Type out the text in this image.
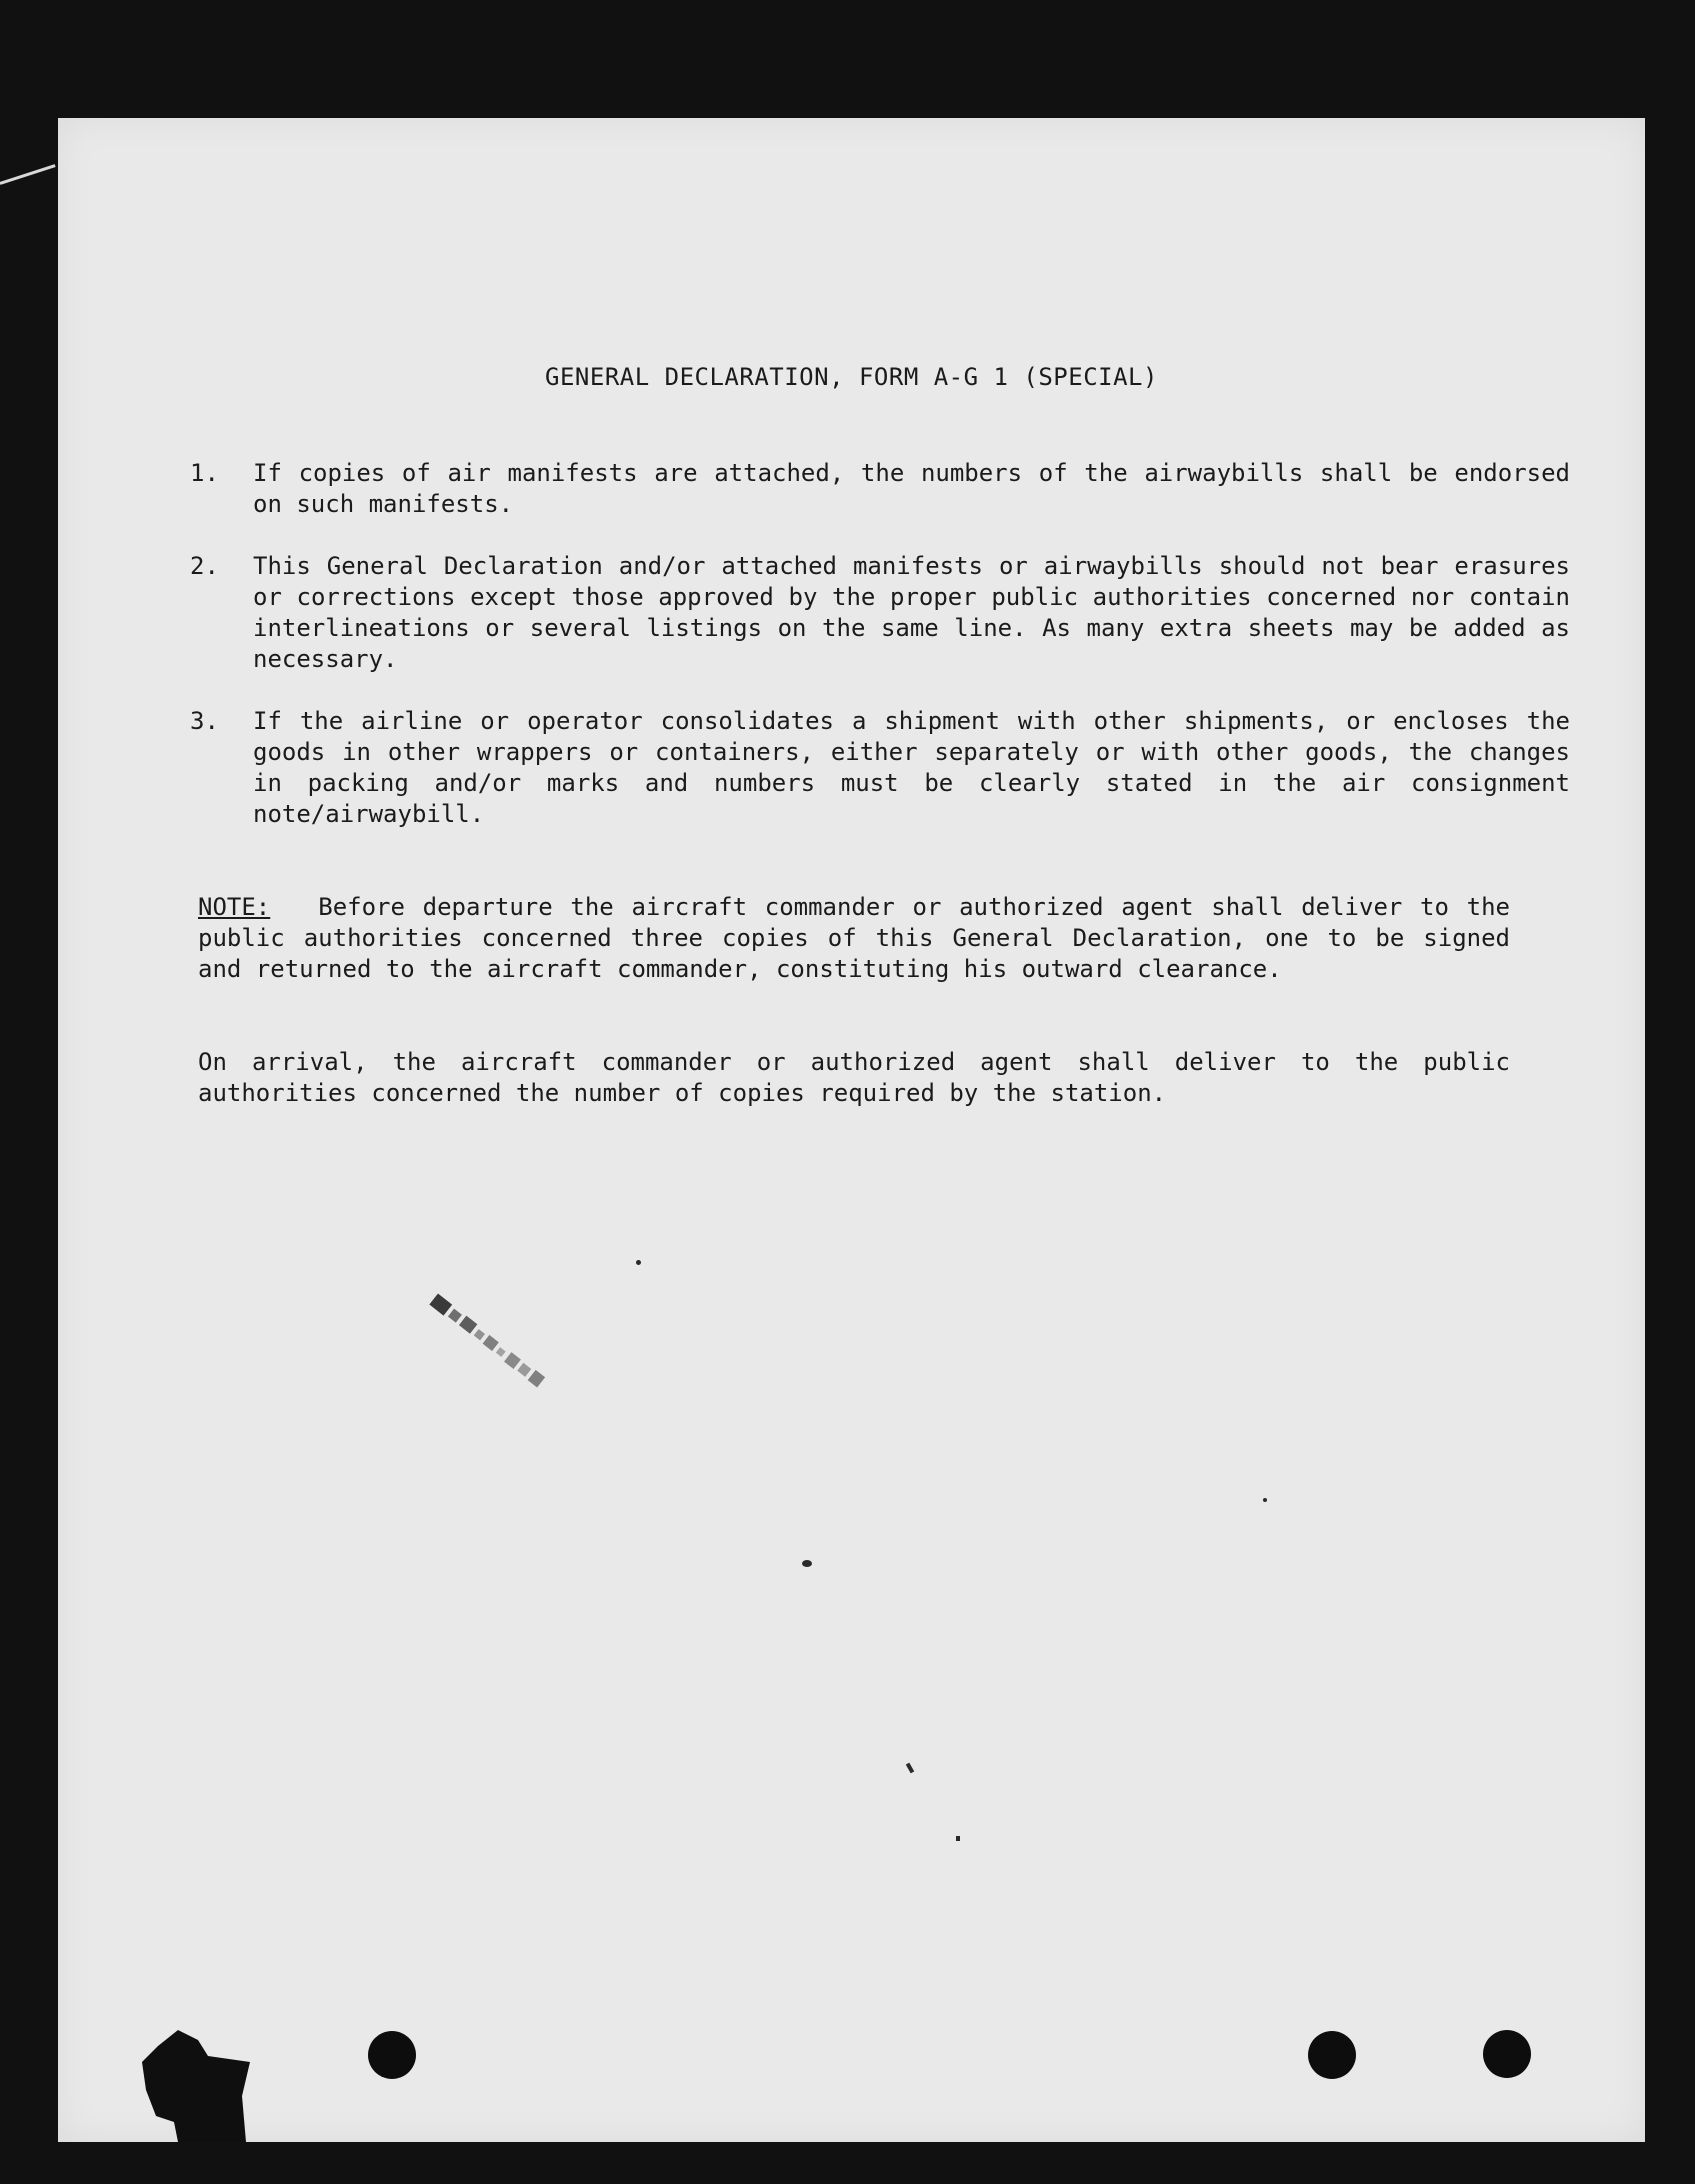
GENERAL DECLARATION, FORM A-G 1 (SPECIAL)
1. If copies of air manifests are attached, the numbers of the airwaybills shall be endorsed on such manifests.
2. This General Declaration and/or attached manifests or airwaybills should not bear erasures or corrections except those approved by the proper public authorities concerned nor contain interlineations or several listings on the same line. As many extra sheets may be added as necessary.
3. If the airline or operator consolidates a shipment with other shipments, or encloses the goods in other wrappers or containers, either separately or with other goods, the changes in packing and/or marks and numbers must be clearly stated in the air consignment note/airwaybill.
NOTE: Before departure the aircraft commander or authorized agent shall deliver to the public authorities concerned three copies of this General Declaration, one to be signed and returned to the aircraft commander, constituting his outward clearance.
On arrival, the aircraft commander or authorized agent shall deliver to the public authorities concerned the number of copies required by the station.
